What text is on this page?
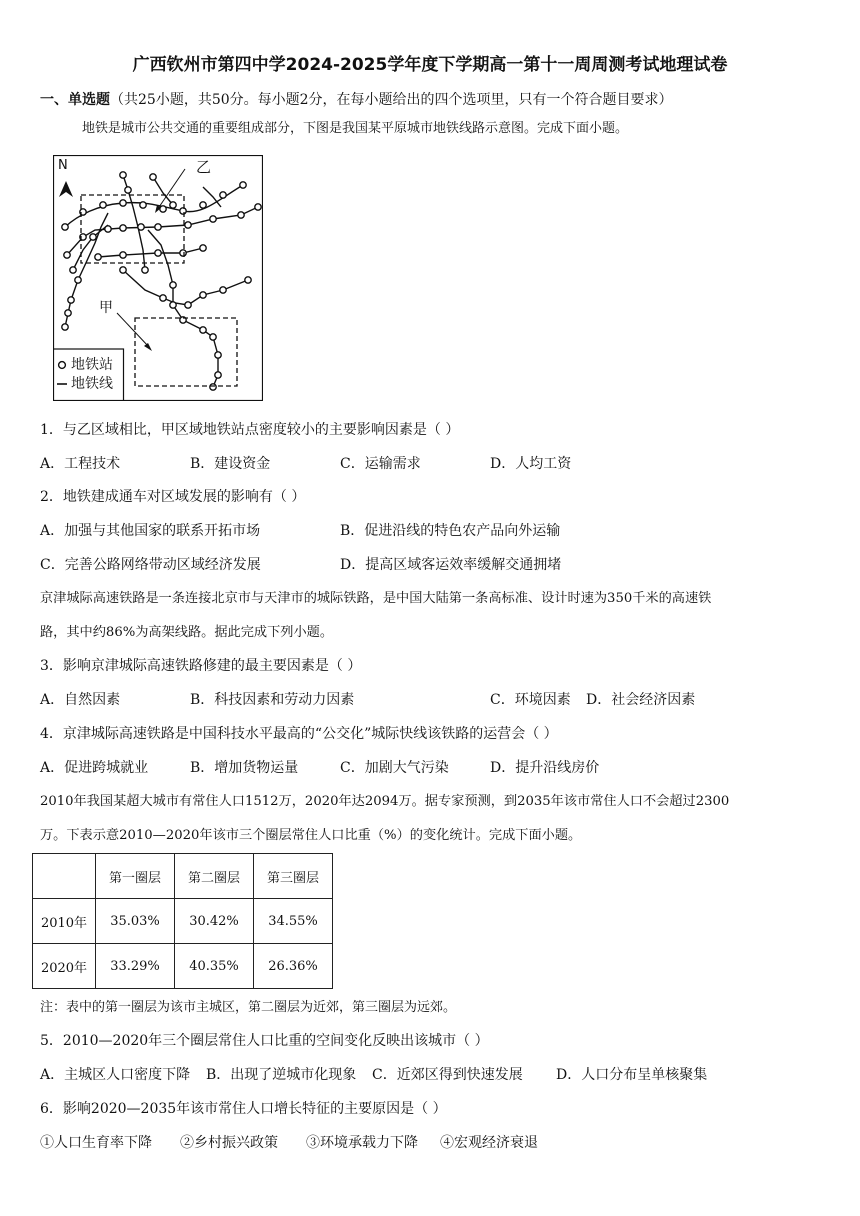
广西钦州市第四中学2024-2025学年度下学期高一第十一周周测考试地理试卷
一、单选题（共25小题，共50分。每小题2分，在每小题给出的四个选项里，只有一个符合题目要求）
地铁是城市公共交通的重要组成部分，下图是我国某平原城市地铁线路示意图。完成下面小题。
N	乙
甲
地铁站
地铁线
1．与乙区域相比，甲区域地铁站点密度较小的主要影响因素是（ ）
A．工程技术	B．建设资金	C．运输需求	D．人均工资
2．地铁建成通车对区域发展的影响有（ ）
A．加强与其他国家的联系开拓市场	B．促进沿线的特色农产品向外运输
C．完善公路网络带动区域经济发展	D．提高区域客运效率缓解交通拥堵
京津城际高速铁路是一条连接北京市与天津市的城际铁路，是中国大陆第一条高标准、设计时速为350千米的高速铁
路，其中约86%为高架线路。据此完成下列小题。
3．影响京津城际高速铁路修建的最主要因素是（ ）
A．自然因素	B．科技因素和劳动力因素	C．环境因素 D．社会经济因素
4．京津城际高速铁路是中国科技水平最高的“公交化”城际快线该铁路的运营会（ ）
A．促进跨城就业	B．增加货物运量	C．加剧大气污染	D．提升沿线房价
2010年我国某超大城市有常住人口1512万，2020年达2094万。据专家预测，到2035年该市常住人口不会超过2300
万。下表示意2010—2020年该市三个圈层常住人口比重（%）的变化统计。完成下面小题。
	第一圈层	第二圈层	第三圈层
2010年	35.03%	30.42%	34.55%
2020年	33.29%	40.35%	26.36%
注：表中的第一圈层为该市主城区，第二圈层为近郊，第三圈层为远郊。
5．2010—2020年三个圈层常住人口比重的空间变化反映出该城市（ ）
A．主城区人口密度下降 B．出现了逆城市化现象 C．近郊区得到快速发展 D．人口分布呈单核聚集
6．影响2020—2035年该市常住人口增长特征的主要原因是（ ）
①人口生育率下降 ②乡村振兴政策 ③环境承载力下降 ④宏观经济衰退
